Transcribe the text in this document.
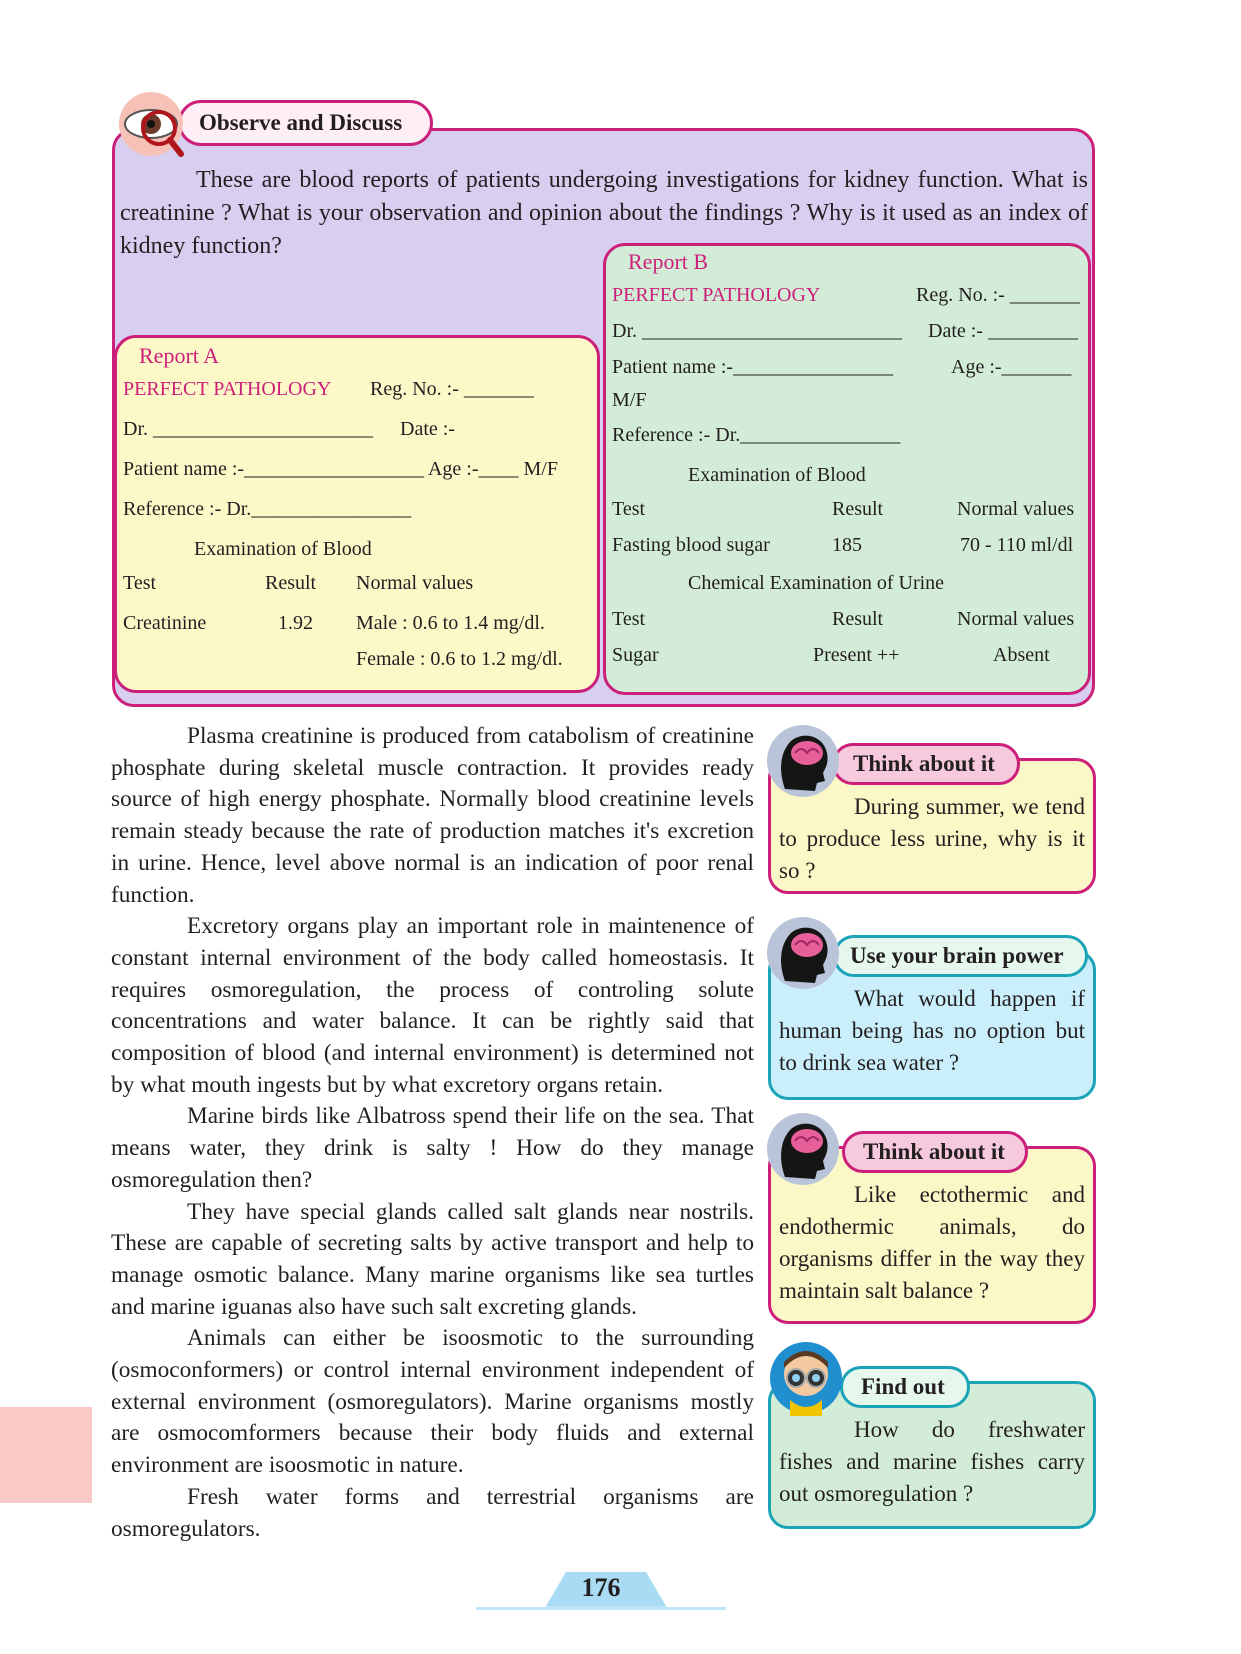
Observe and Discuss
These are blood reports of patients undergoing investigations for kidney function. What is creatinine ? What is your observation and opinion about the findings ? Why is it used as an index of kidney function?
Report A
PERFECT PATHOLOGY Reg. No. :- _______
Dr. ______________________ Date :-
Patient name :-__________________ Age :-____ M/F
Reference :- Dr.________________
Examination of Blood
Test	Result Normal values
Creatinine	1.92 Male : 0.6 to 1.4 mg/dl.
Female : 0.6 to 1.2 mg/dl.
Report B
PERFECT PATHOLOGY	Reg. No. :- _______
Dr. __________________________ Date :- _________
Patient name :-________________	Age :-_______
M/F
Reference :- Dr.________________
Examination of Blood
Test	Result	Normal values
Fasting blood sugar	185	70 - 110 ml/dl
Chemical Examination of Urine
Test	Result	Normal values
Sugar	Present ++	Absent

Plasma creatinine is produced from catabolism of creatinine phosphate during skeletal muscle contraction. It provides ready source of high energy phosphate. Normally blood creatinine levels remain steady because the rate of production matches it's excretion in urine. Hence, level above normal is an indication of poor renal function.

Excretory organs play an important role in maintenence of constant internal environment of the body called homeostasis. It requires osmoregulation, the process of controling solute concentrations and water balance. It can be rightly said that composition of blood (and internal environment) is determined not by what mouth ingests but by what excretory organs retain.

Marine birds like Albatross spend their life on the sea. That means water, they drink is salty ! How do they manage osmoregulation then?

They have special glands called salt glands near nostrils. These are capable of secreting salts by active transport and help to manage osmotic balance. Many marine organisms like sea turtles and marine iguanas also have such salt excreting glands.

Animals can either be isoosmotic to the surrounding (osmoconformers) or control internal environment independent of external environment (osmoregulators). Marine organisms mostly are osmocomformers because their body fluids and external environment are isoosmotic in nature.

Fresh water forms and terrestrial organisms are osmoregulators.

During summer, we tend to produce less urine, why is it so ?
Think about it
What would happen if human being has no option but to drink sea water ?
Use your brain power
Like ectothermic and endothermic animals, do organisms differ in the way they maintain salt balance ?
Think about it
How do freshwater fishes and marine fishes carry out osmoregulation ?
Find out
176
